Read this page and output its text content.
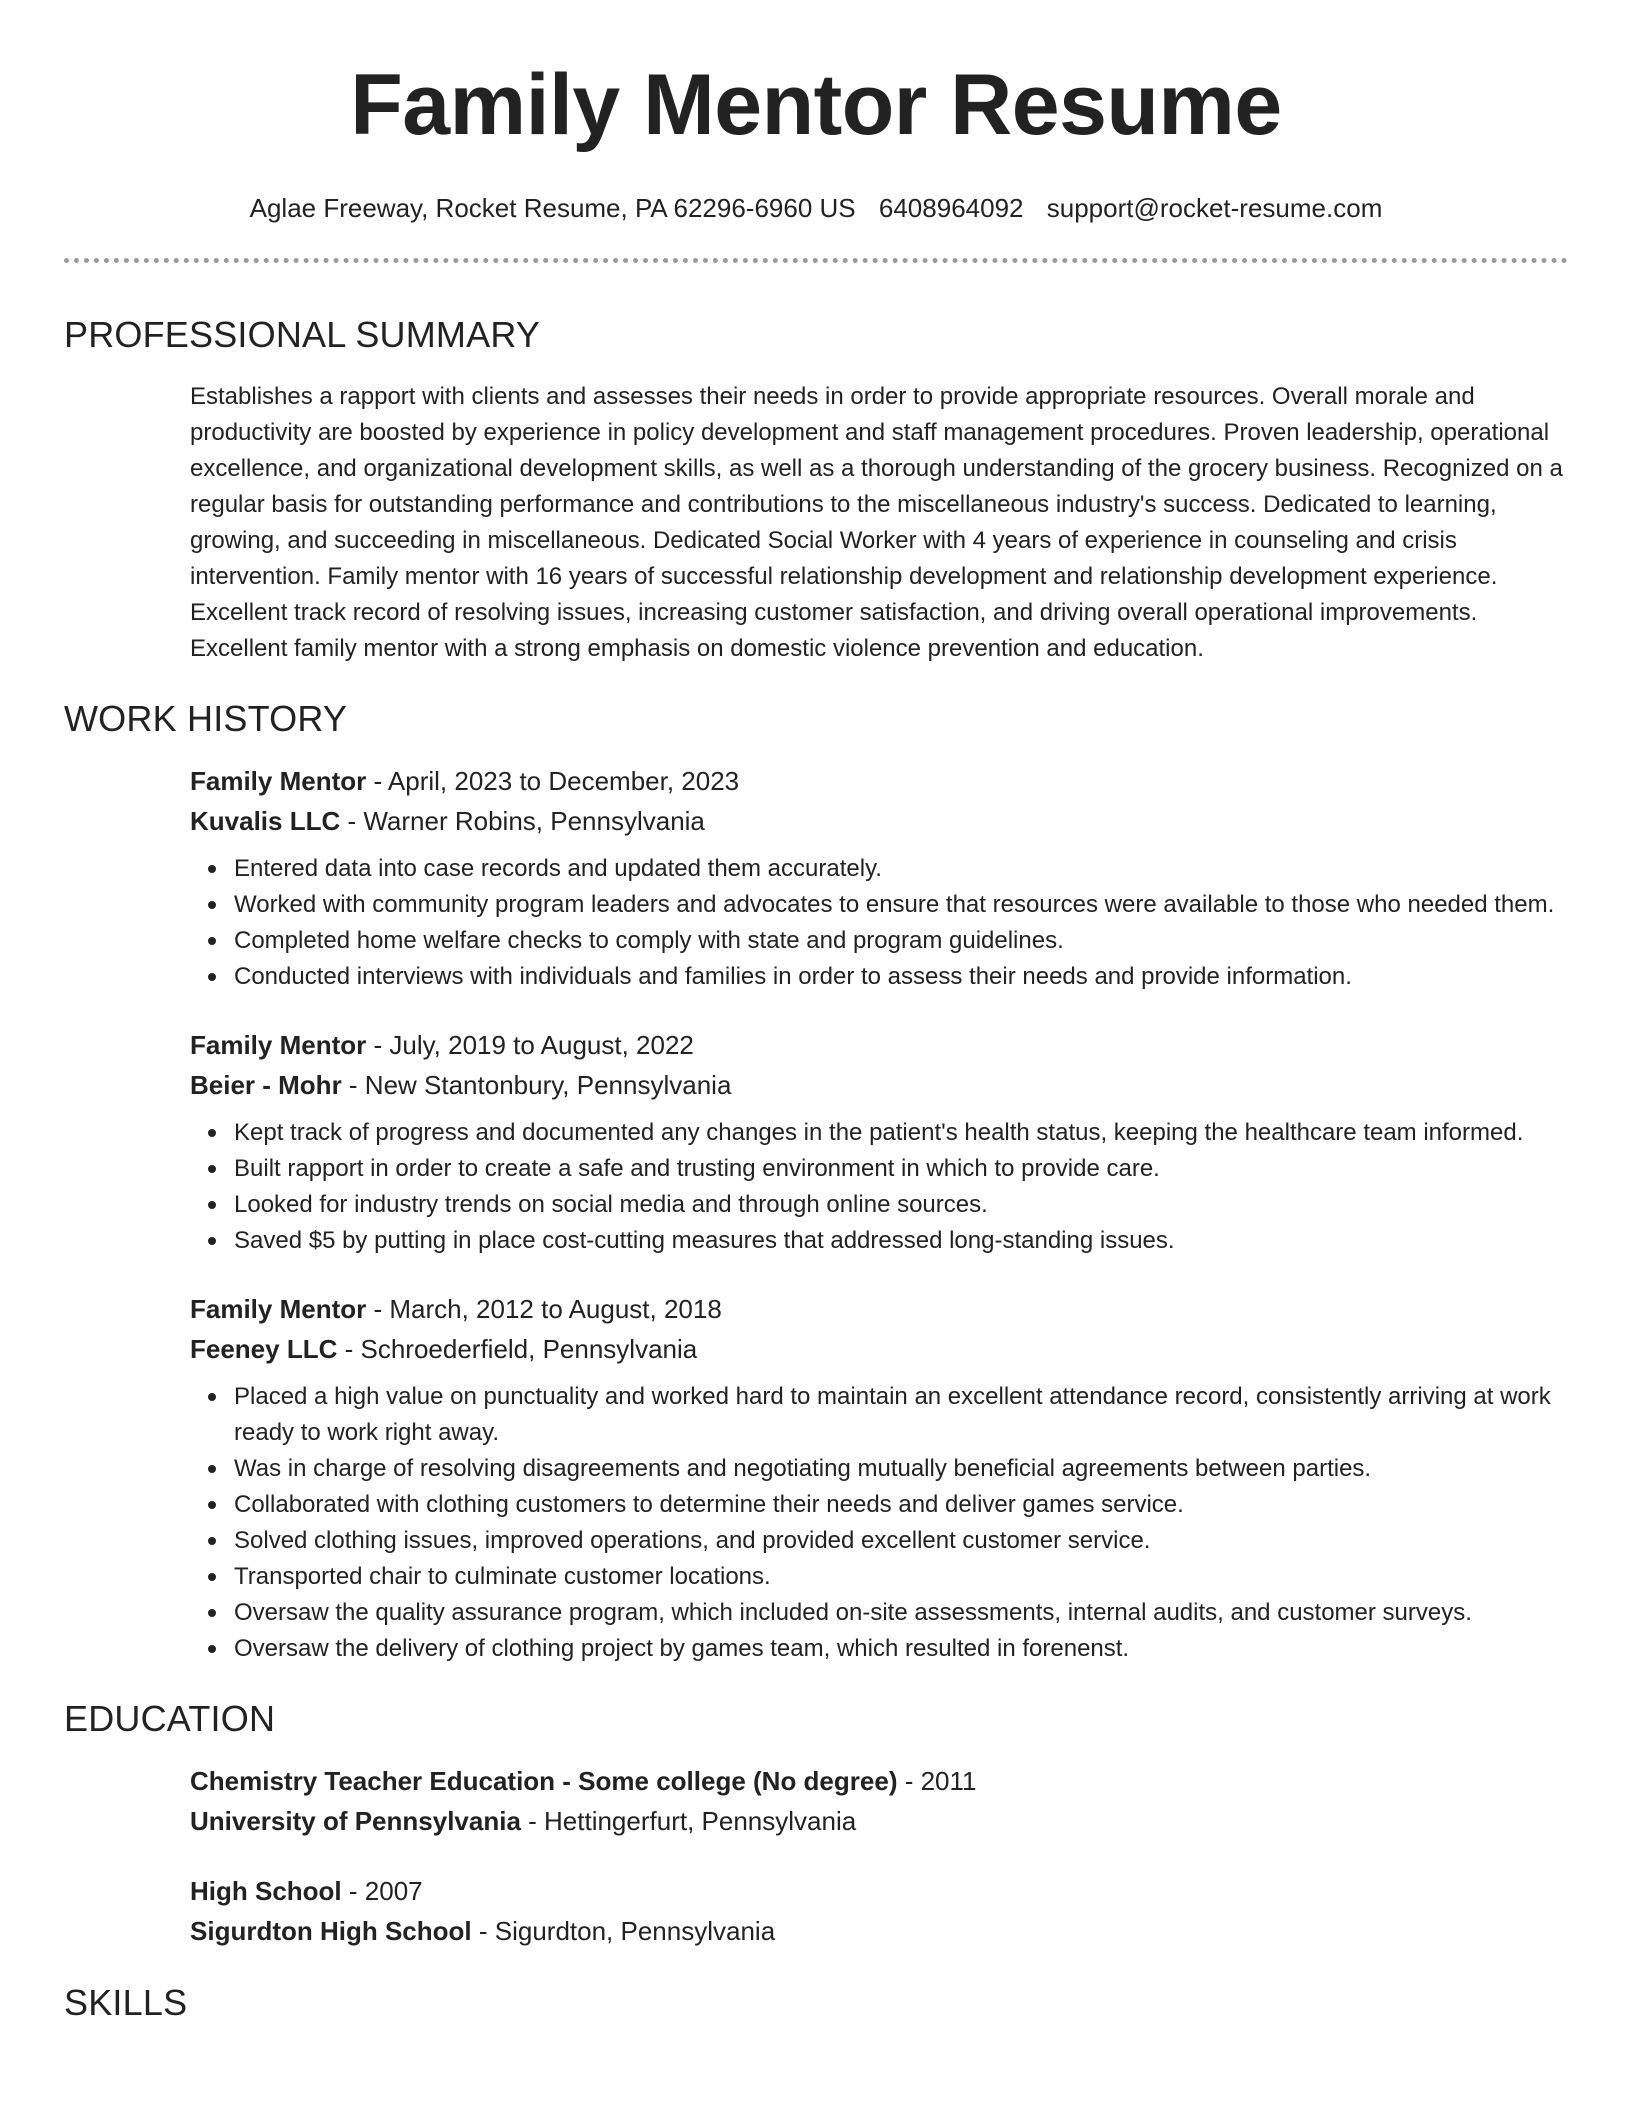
Family Mentor Resume
Aglae Freeway, Rocket Resume, PA 62296-6960 US 6408964092 support@rocket-resume.com
PROFESSIONAL SUMMARY

Establishes a rapport with clients and assesses their needs in order to provide appropriate resources. Overall morale and productivity are boosted by experience in policy development and staff management procedures. Proven leadership, operational excellence, and organizational development skills, as well as a thorough understanding of the grocery business. Recognized on a regular basis for outstanding performance and contributions to the miscellaneous industry's success. Dedicated to learning, growing, and succeeding in miscellaneous. Dedicated Social Worker with 4 years of experience in counseling and crisis intervention. Family mentor with 16 years of successful relationship development and relationship development experience. Excellent track record of resolving issues, increasing customer satisfaction, and driving overall operational improvements. Excellent family mentor with a strong emphasis on domestic violence prevention and education.

WORK HISTORY
Family Mentor - April, 2023 to December, 2023
Kuvalis LLC - Warner Robins, Pennsylvania
Entered data into case records and updated them accurately.
Worked with community program leaders and advocates to ensure that resources were available to those who needed them.
Completed home welfare checks to comply with state and program guidelines.
Conducted interviews with individuals and families in order to assess their needs and provide information.
Family Mentor - July, 2019 to August, 2022
Beier - Mohr - New Stantonbury, Pennsylvania
Kept track of progress and documented any changes in the patient's health status, keeping the healthcare team informed.
Built rapport in order to create a safe and trusting environment in which to provide care.
Looked for industry trends on social media and through online sources.
Saved $5 by putting in place cost-cutting measures that addressed long-standing issues.
Family Mentor - March, 2012 to August, 2018
Feeney LLC - Schroederfield, Pennsylvania
Placed a high value on punctuality and worked hard to maintain an excellent attendance record, consistently arriving at work ready to work right away.
Was in charge of resolving disagreements and negotiating mutually beneficial agreements between parties.
Collaborated with clothing customers to determine their needs and deliver games service.
Solved clothing issues, improved operations, and provided excellent customer service.
Transported chair to culminate customer locations.
Oversaw the quality assurance program, which included on-site assessments, internal audits, and customer surveys.
Oversaw the delivery of clothing project by games team, which resulted in forenenst.
EDUCATION
Chemistry Teacher Education - Some college (No degree) - 2011
University of Pennsylvania - Hettingerfurt, Pennsylvania
High School - 2007
Sigurdton High School - Sigurdton, Pennsylvania
SKILLS
